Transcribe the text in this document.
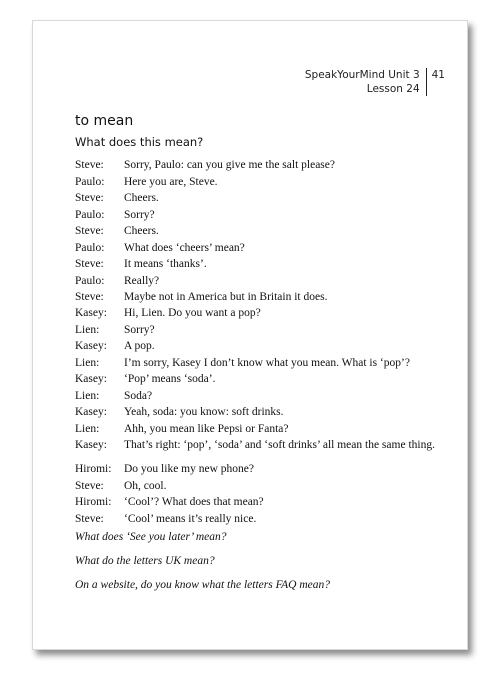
SpeakYourMind Unit 3
Lesson 24
41
to mean
What does this mean?
Steve:	Sorry, Paulo: can you give me the salt please?
Paulo:	Here you are, Steve.
Steve:	Cheers.
Paulo:	Sorry?
Steve:	Cheers.
Paulo:	What does ‘cheers’ mean?
Steve:	It means ‘thanks’.
Paulo:	Really?
Steve:	Maybe not in America but in Britain it does.
Kasey:	Hi, Lien. Do you want a pop?
Lien:	Sorry?
Kasey:	A pop.
Lien:	I’m sorry, Kasey I don’t know what you mean. What is ‘pop’?
Kasey:	‘Pop’ means ‘soda’.
Lien:	Soda?
Kasey:	Yeah, soda: you know: soft drinks.
Lien:	Ahh, you mean like Pepsi or Fanta?
Kasey:	That’s right: ‘pop’, ‘soda’ and ‘soft drinks’ all mean the same thing.
Hiromi:	Do you like my new phone?
Steve:	Oh, cool.
Hiromi:	‘Cool’? What does that mean?
Steve:	‘Cool’ means it’s really nice.
What does ‘See you later’ mean?
What do the letters UK mean?
On a website, do you know what the letters FAQ mean?
